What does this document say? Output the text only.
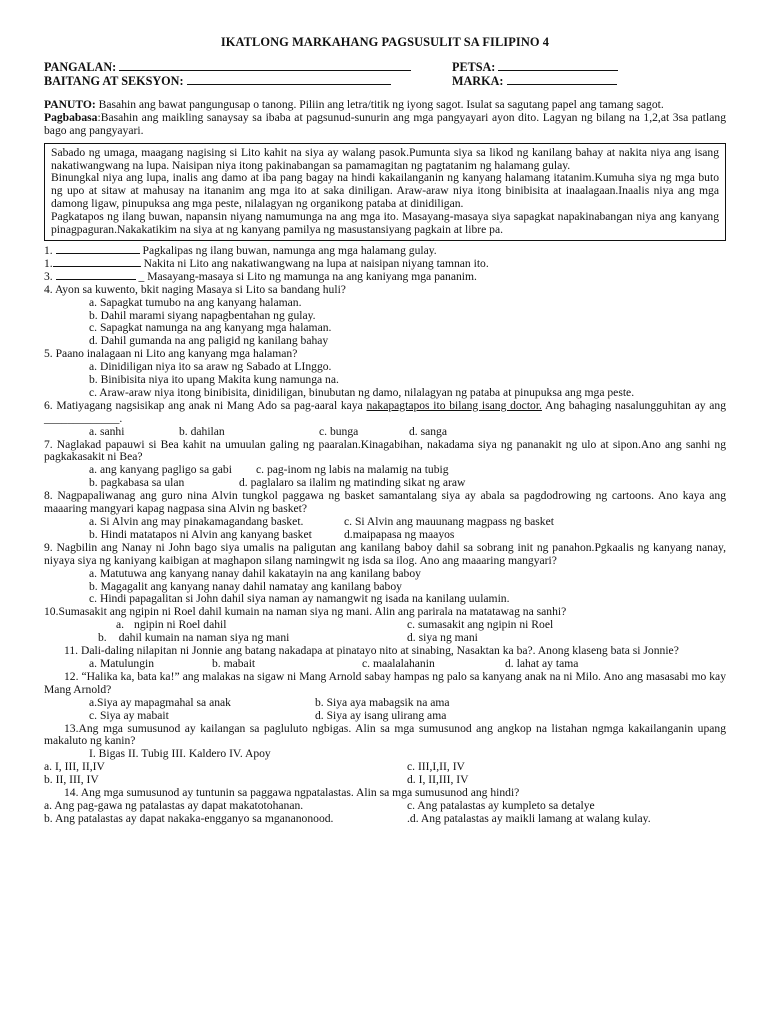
IKATLONG MARKAHANG PAGSUSULIT SA FILIPINO 4
PANGALAN:	PETSA:
BAITANG AT SEKSYON:	MARKA:

PANUTO: Basahin ang bawat pangungusap o tanong. Piliin ang letra/titik ng iyong sagot. Isulat sa sagutang papel ang tamang sagot.

Pagbabasa:Basahin ang maikling sanaysay sa ibaba at pagsunud-sunurin ang mga pangyayari ayon dito. Lagyan ng bilang na 1,2,at 3sa patlang bago ang pangyayari.

Sabado ng umaga, maagang nagising si Lito kahit na siya ay walang pasok.Pumunta siya sa likod ng kanilang bahay at nakita niya ang isang nakatiwangwang na lupa. Naisipan niya itong pakinabangan sa pamamagitan ng pagtatanim ng halamang gulay.

Binungkal niya ang lupa, inalis ang damo at iba pang bagay na hindi kakailanganin ng kanyang halamang itatanim.Kumuha siya ng mga buto ng upo at sitaw at mahusay na itananim ang mga ito at saka diniligan. Araw-araw niya itong binibisita at inaalagaan.Inaalis niya ang mga damong ligaw, pinupuksa ang mga peste, nilalagyan ng organikong pataba at dinidiligan.

Pagkatapos ng ilang buwan, napansin niyang namumunga na ang mga ito. Masayang-masaya siya sapagkat napakinabangan niya ang kanyang pinagpaguran.Nakakatikim na siya at ng kanyang pamilya ng masustansiyang pagkain at libre pa.

1.	Pagkalipas ng ilang buwan, namunga ang mga halamang gulay.

1.	Nakita ni Lito ang nakatiwangwang na lupa at naisipan niyang tamnan ito.

3.	_ Masayang-masaya si Lito ng mamunga na ang kaniyang mga pananim.

4. Ayon sa kuwento, bkit naging Masaya si Lito sa bandang huli?

a. Sapagkat tumubo na ang kanyang halaman.

b. Dahil marami siyang napagbentahan ng gulay.

c. Sapagkat namunga na ang kanyang mga halaman.

d. Dahil gumanda na ang paligid ng kanilang bahay

5. Paano inalagaan ni Lito ang kanyang mga halaman?

a. Dinidiligan niya ito sa araw ng Sabado at LInggo.

b. Binibisita niya ito upang Makita kung namunga na.

c. Araw-araw niya itong binibisita, dinidiligan, binubutan ng damo, nilalagyan ng pataba at pinupuksa ang mga peste.

6. Matiyagang nagsisikap ang anak ni Mang Ado sa pag-aaral kaya nakapagtapos ito bilang isang doctor. Ang bahaging nasalungguhitan ay ang _____________.

a. sanhi	b. dahilan	c. bunga	d. sanga

7. Naglakad papauwi si Bea kahit na umuulan galing ng paaralan.Kinagabihan, nakadama siya ng pananakit ng ulo at sipon.Ano ang sanhi ng pagkakasakit ni Bea?

a. ang kanyang pagligo sa gabi	c. pag-inom ng labis na malamig na tubig
b. pagkabasa sa ulan	d. paglalaro sa ilalim ng matinding sikat ng araw

8. Nagpapaliwanag ang guro nina Alvin tungkol paggawa ng basket samantalang siya ay abala sa pagdodrowing ng cartoons. Ano kaya ang maaaring mangyari kapag nagpasa sina Alvin ng basket?

a. Si Alvin ang may pinakamagandang basket.	c. Si Alvin ang mauunang magpass ng basket
b. Hindi matatapos ni Alvin ang kanyang basket	d.maipapasa ng maayos

9. Nagbilin ang Nanay ni John bago siya umalis na paligutan ang kanilang baboy dahil sa sobrang init ng panahon.Pgkaalis ng kanyang nanay, niyaya siya ng kaniyang kaibigan at maghapon silang namingwit ng isda sa ilog. Ano ang maaaring mangyari?

a. Matutuwa ang kanyang nanay dahil kakatayin na ang kanilang baboy

b. Magagalit ang kanyang nanay dahil namatay ang kanilang baboy

c. Hindi papagalitan si John dahil siya naman ay namangwit ng isada na kanilang uulamin.

10.Sumasakit ang ngipin ni Roel dahil kumain na naman siya ng mani. Alin ang parirala na matatawag na sanhi?

a. ngipin ni Roel dahil	c. sumasakit ang ngipin ni Roel
b. dahil kumain na naman siya ng mani	d. siya ng mani

11. Dali-daling nilapitan ni Jonnie ang batang nakadapa at pinatayo nito at sinabing, Nasaktan ka ba?. Anong klaseng bata si Jonnie?

a. Matulungin	b. mabait	c. maalalahanin	d. lahat ay tama

12. “Halika ka, bata ka!” ang malakas na sigaw ni Mang Arnold sabay hampas ng palo sa kanyang anak na ni Milo. Ano ang masasabi mo kay Mang Arnold?

a.Siya ay mapagmahal sa anak	b. Siya aya mabagsik na ama
c. Siya ay mabait	d. Siya ay isang ulirang ama

13.Ang mga sumusunod ay kailangan sa pagluluto ngbigas. Alin sa mga sumusunod ang angkop na listahan ngmga kakailanganin upang makaluto ng kanin?

I. Bigas II. Tubig III. Kaldero IV. Apoy

a. I, III, II,IV	c. III,I,II, IV
b. II, III, IV	d. I, II,III, IV

14. Ang mga sumusunod ay tuntunin sa paggawa ngpatalastas. Alin sa mga sumusunod ang hindi?

a. Ang pag-gawa ng patalastas ay dapat makatotohanan.	c. Ang patalastas ay kumpleto sa detalye
b. Ang patalastas ay dapat nakaka-engganyo sa mgananonood.	.d. Ang patalastas ay maikli lamang at walang kulay.
